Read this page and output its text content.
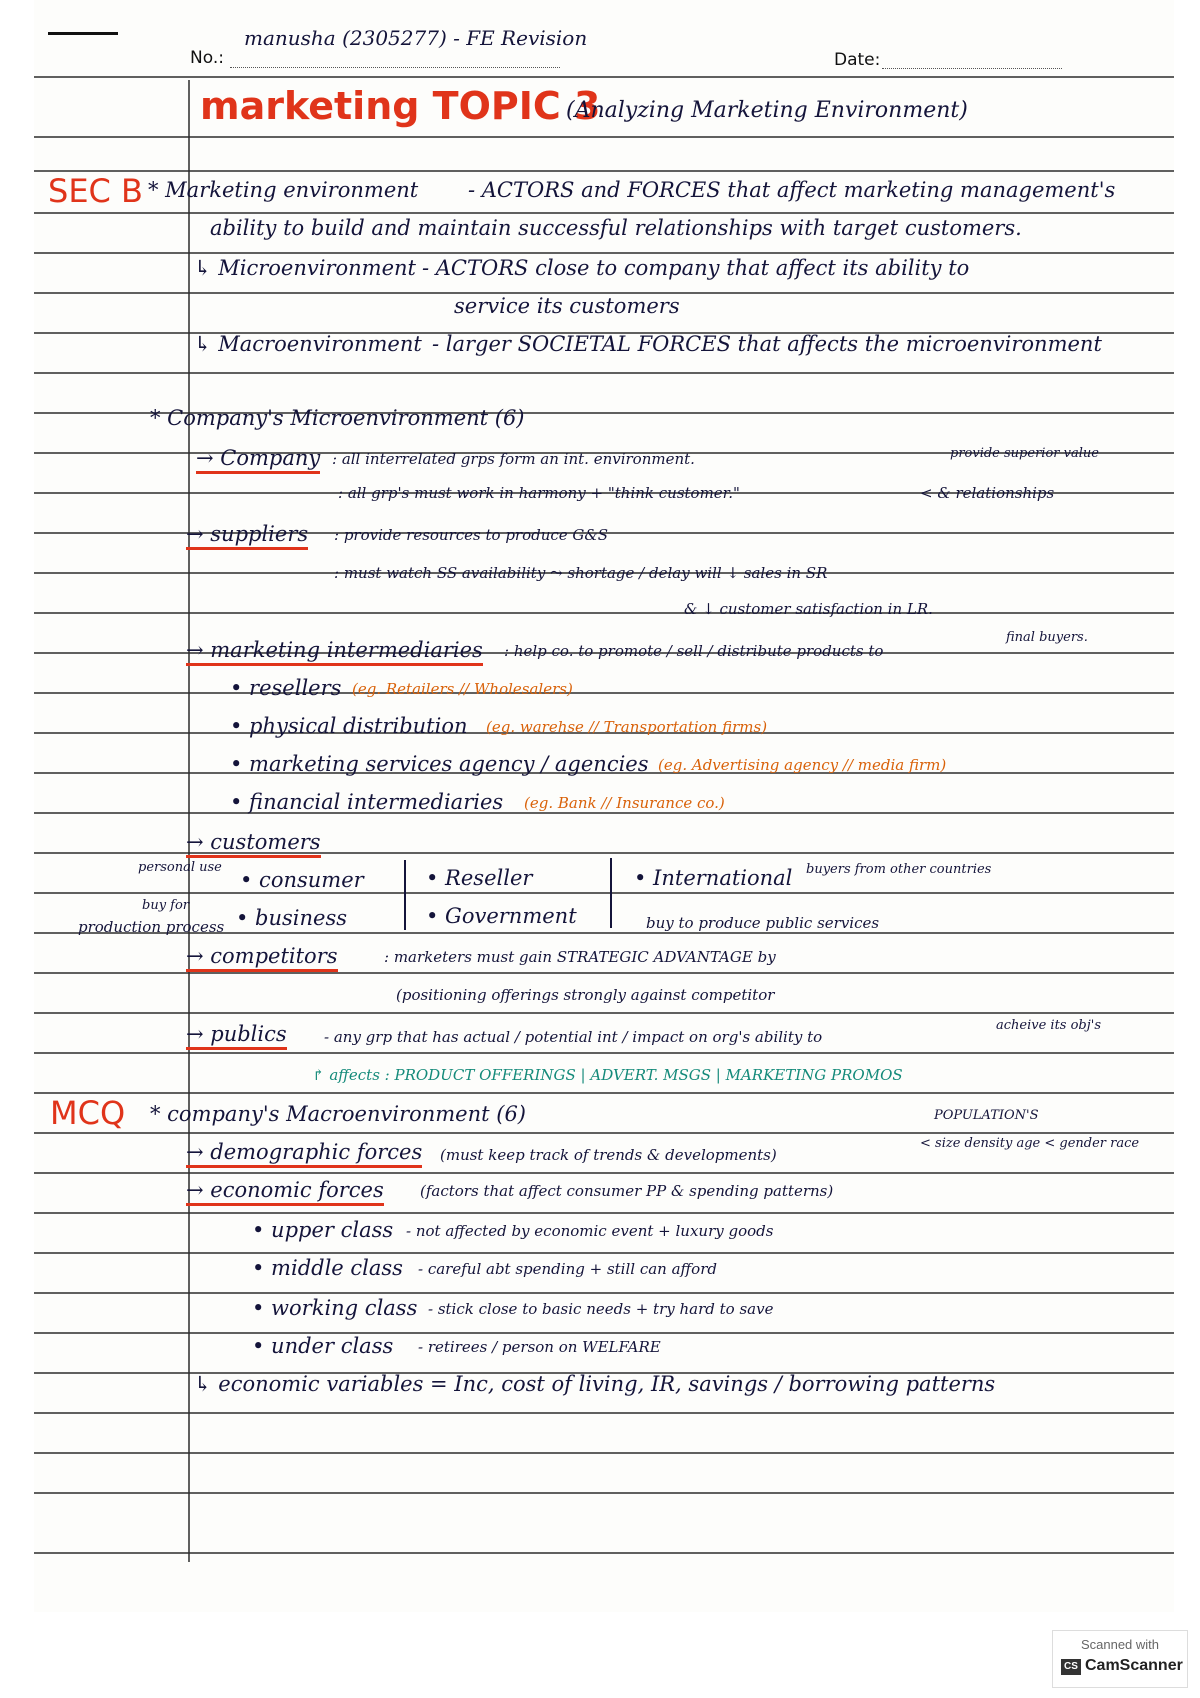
No.:
manusha (2305277) - FE Revision
Date:
marketing TOPIC 3
(Analyzing Marketing Environment)
SEC B
MCQ
personal use
buy for
production process
* Marketing environment - ACTORS and FORCES that affect marketing management's
ability to build and maintain successful relationships with target customers.
↳ Microenvironment - ACTORS close to company that affect its ability to
service its customers
↳ Macroenvironment - larger SOCIETAL FORCES that affects the microenvironment
* Company's Microenvironment (6)
→ Company : all interrelated grps form an int. environment.	provide superior value
: all grp's must work in harmony + "think customer."	< & relationships
→ suppliers : provide resources to produce G&S
: must watch SS availability ⤳ shortage / delay will ↓ sales in SR
& ↓ customer satisfaction in LR.
→ marketing intermediaries : help co. to promote / sell / distribute products to
final buyers.
• resellers (eg. Retailers // Wholesalers)
• physical distribution (eg. warehse // Transportation firms)
• marketing services agency / agencies (eg. Advertising agency // media firm)
• financial intermediaries (eg. Bank // Insurance co.)
→ customers
• consumer	• Reseller	• International buyers from other countries
• business	• Government	buy to produce public services
→ competitors	: marketers must gain STRATEGIC ADVANTAGE by
(positioning offerings strongly against competitor
→ publics - any grp that has actual / potential int / impact on org's ability to
acheive its obj's
↱ affects : PRODUCT OFFERINGS | ADVERT. MSGS | MARKETING PROMOS
* company's Macroenvironment (6)	POPULATION'S
→ demographic forces (must keep track of trends & developments)
< size density age < gender race
→ economic forces (factors that affect consumer PP & spending patterns)
• upper class - not affected by economic event + luxury goods
• middle class - careful abt spending + still can afford
• working class - stick close to basic needs + try hard to save
• under class - retirees / person on WELFARE
↳ economic variables = Inc, cost of living, IR, savings / borrowing patterns
Scanned with
CS CamScanner
